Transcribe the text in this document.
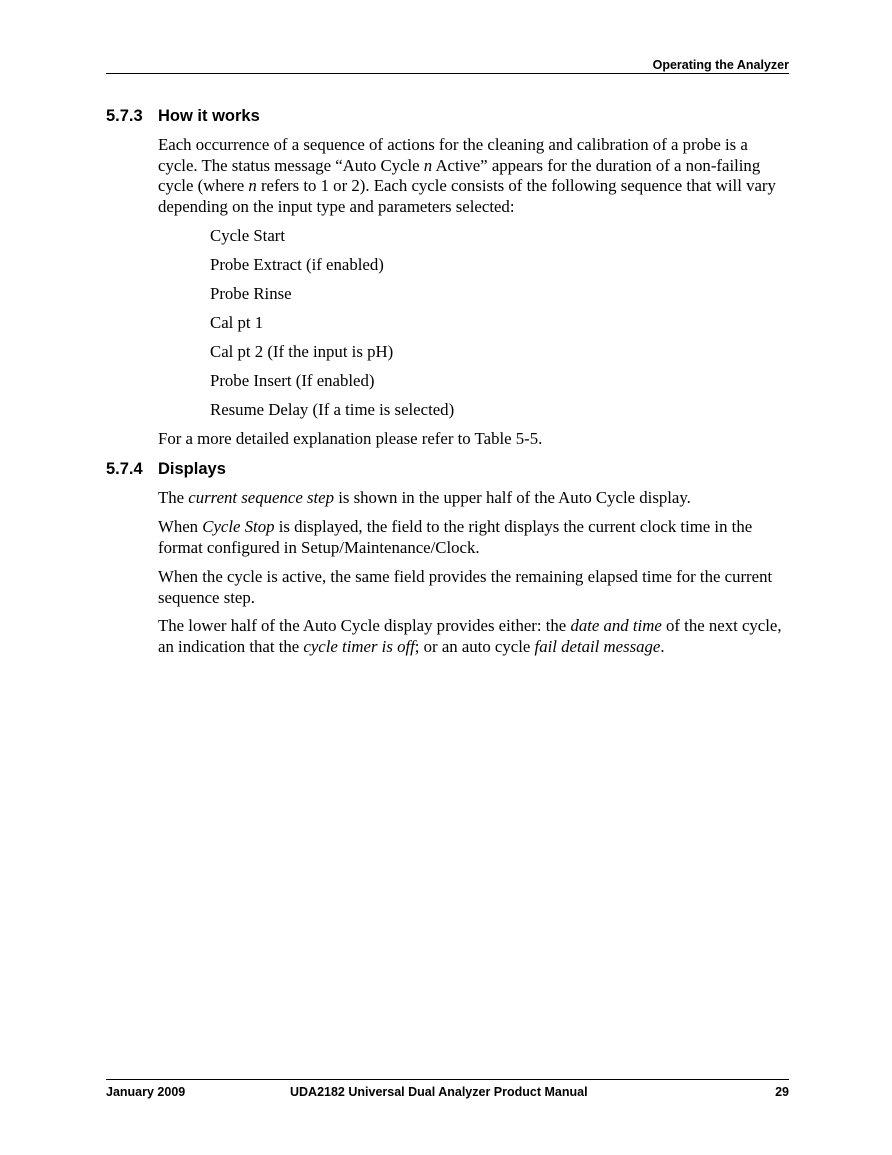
Operating the Analyzer
5.7.3 How it works
Each occurrence of a sequence of actions for the cleaning and calibration of a probe is a cycle. The status message “Auto Cycle n Active” appears for the duration of a non-failing cycle (where n refers to 1 or 2). Each cycle consists of the following sequence that will vary depending on the input type and parameters selected:
Cycle Start
Probe Extract (if enabled)
Probe Rinse
Cal pt 1
Cal pt 2 (If the input is pH)
Probe Insert (If enabled)
Resume Delay (If a time is selected)
For a more detailed explanation please refer to Table 5-5.
5.7.4 Displays
The current sequence step is shown in the upper half of the Auto Cycle display.
When Cycle Stop is displayed, the field to the right displays the current clock time in the format configured in Setup/Maintenance/Clock.
When the cycle is active, the same field provides the remaining elapsed time for the current sequence step.
The lower half of the Auto Cycle display provides either: the date and time of the next cycle, an indication that the cycle timer is off; or an auto cycle fail detail message.
January 2009	UDA2182 Universal Dual Analyzer Product Manual	29
